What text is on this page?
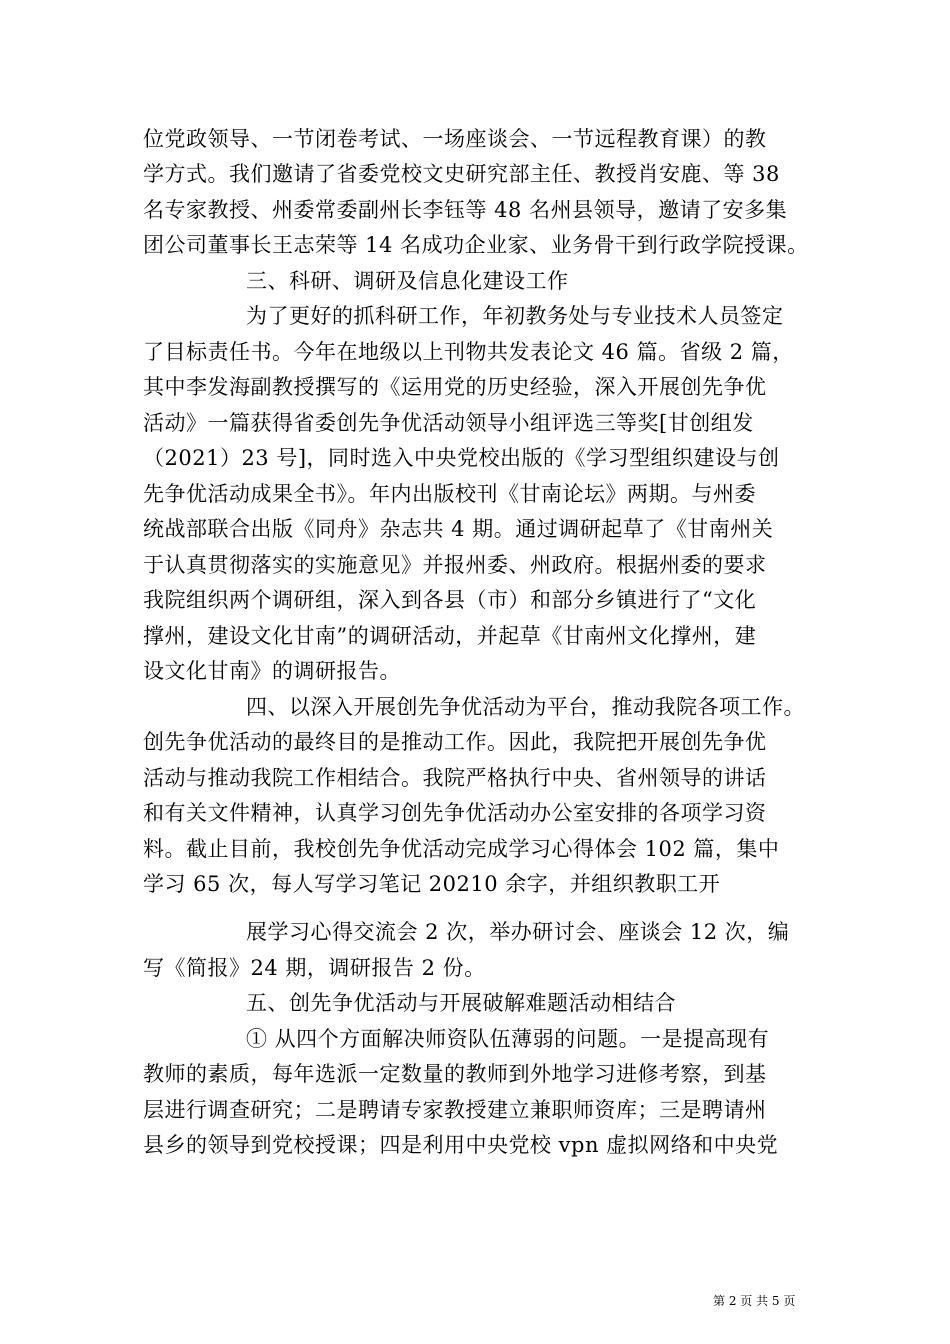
位党政领导、一节闭卷考试、一场座谈会、一节远程教育课）的教
学方式。我们邀请了省委党校文史研究部主任、教授肖安鹿、等 38
名专家教授、州委常委副州长李钰等 48 名州县领导，邀请了安多集
团公司董事长王志荣等 14 名成功企业家、业务骨干到行政学院授课。
三、科研、调研及信息化建设工作
为了更好的抓科研工作，年初教务处与专业技术人员签定
了目标责任书。今年在地级以上刊物共发表论文 46 篇。省级 2 篇，
其中李发海副教授撰写的《运用党的历史经验，深入开展创先争优
活动》一篇获得省委创先争优活动领导小组评选三等奖[甘创组发
（2021）23 号]，同时选入中央党校出版的《学习型组织建设与创
先争优活动成果全书》。年内出版校刊《甘南论坛》两期。与州委
统战部联合出版《同舟》杂志共 4 期。通过调研起草了《甘南州关
于认真贯彻落实的实施意见》并报州委、州政府。根据州委的要求
我院组织两个调研组，深入到各县（市）和部分乡镇进行了“文化
撑州，建设文化甘南”的调研活动，并起草《甘南州文化撑州，建
设文化甘南》的调研报告。
四、以深入开展创先争优活动为平台，推动我院各项工作。
创先争优活动的最终目的是推动工作。因此，我院把开展创先争优
活动与推动我院工作相结合。我院严格执行中央、省州领导的讲话
和有关文件精神，认真学习创先争优活动办公室安排的各项学习资
料。截止目前，我校创先争优活动完成学习心得体会 102 篇，集中
学习 65 次，每人写学习笔记 20210 余字，并组织教职工开
展学习心得交流会 2 次，举办研讨会、座谈会 12 次，编
写《简报》24 期，调研报告 2 份。
五、创先争优活动与开展破解难题活动相结合
① 从四个方面解决师资队伍薄弱的问题。一是提高现有
教师的素质，每年选派一定数量的教师到外地学习进修考察，到基
层进行调查研究；二是聘请专家教授建立兼职师资库；三是聘请州
县乡的领导到党校授课；四是利用中央党校 vpn 虚拟网络和中央党
第 2 页 共 5 页
